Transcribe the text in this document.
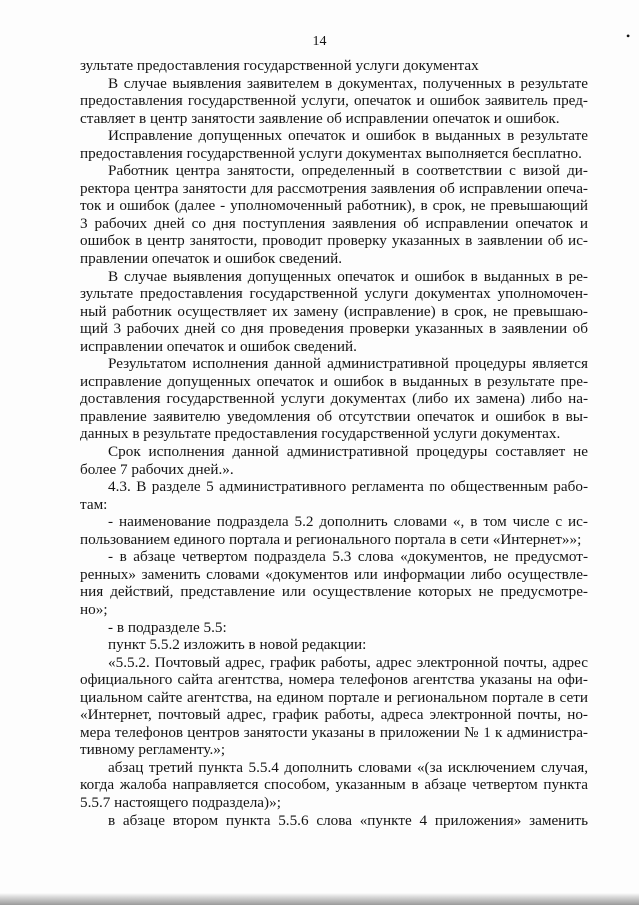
14	•
зультате предоставления государственной услуги документах
В случае выявления заявителем в документах, полученных в результате
предоставления государственной услуги, опечаток и ошибок заявитель пред-
ставляет в центр занятости заявление об исправлении опечаток и ошибок.
Исправление допущенных опечаток и ошибок в выданных в результате
предоставления государственной услуги документах выполняется бесплатно.
Работник центра занятости, определенный в соответствии с визой ди-
ректора центра занятости для рассмотрения заявления об исправлении опеча-
ток и ошибок (далее - уполномоченный работник), в срок, не превышающий
3 рабочих дней со дня поступления заявления об исправлении опечаток и
ошибок в центр занятости, проводит проверку указанных в заявлении об ис-
правлении опечаток и ошибок сведений.
В случае выявления допущенных опечаток и ошибок в выданных в ре-
зультате предоставления государственной услуги документах уполномочен-
ный работник осуществляет их замену (исправление) в срок, не превышаю-
щий 3 рабочих дней со дня проведения проверки указанных в заявлении об
исправлении опечаток и ошибок сведений.
Результатом исполнения данной административной процедуры является
исправление допущенных опечаток и ошибок в выданных в результате пре-
доставления государственной услуги документах (либо их замена) либо на-
правление заявителю уведомления об отсутствии опечаток и ошибок в вы-
данных в результате предоставления государственной услуги документах.
Срок исполнения данной административной процедуры составляет не
более 7 рабочих дней.».
4.3. В разделе 5 административного регламента по общественным рабо-
там:
- наименование подраздела 5.2 дополнить словами «, в том числе с ис-
пользованием единого портала и регионального портала в сети «Интернет»»;
- в абзаце четвертом подраздела 5.3 слова «документов, не предусмот-
ренных» заменить словами «документов или информации либо осуществле-
ния действий, представление или осуществление которых не предусмотре-
но»;
- в подразделе 5.5:
пункт 5.5.2 изложить в новой редакции:
«5.5.2. Почтовый адрес, график работы, адрес электронной почты, адрес
официального сайта агентства, номера телефонов агентства указаны на офи-
циальном сайте агентства, на едином портале и региональном портале в сети
«Интернет, почтовый адрес, график работы, адреса электронной почты, но-
мера телефонов центров занятости указаны в приложении № 1 к администра-
тивному регламенту.»;
абзац третий пункта 5.5.4 дополнить словами «(за исключением случая,
когда жалоба направляется способом, указанным в абзаце четвертом пункта
5.5.7 настоящего подраздела)»;
в абзаце втором пункта 5.5.6 слова «пункте 4 приложения» заменить
